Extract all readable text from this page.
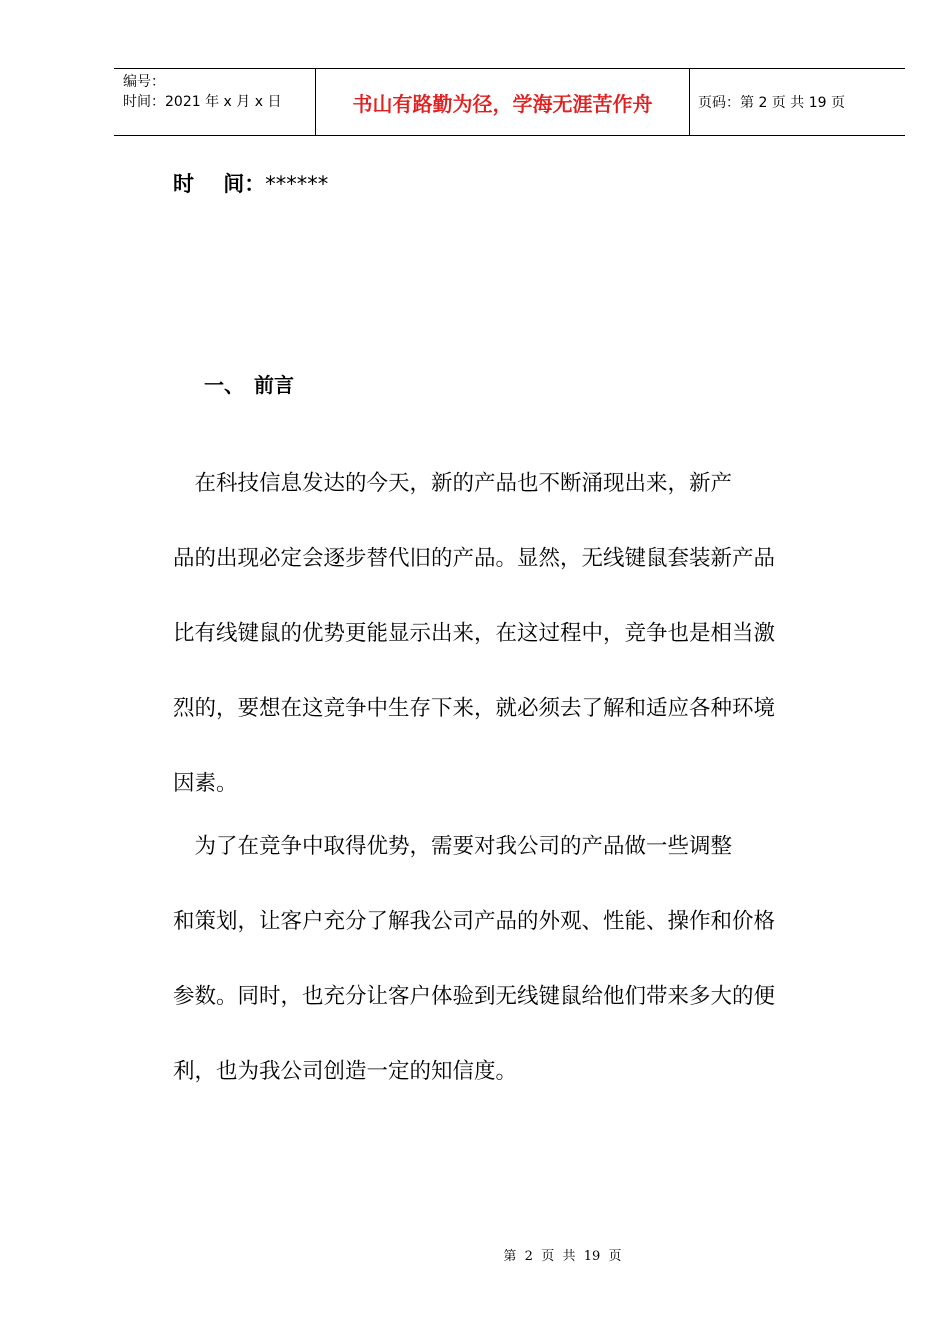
编号：
时间：2021 年 x 月 x 日	书山有路勤为径，学海无涯苦作舟	页码：第 2 页 共 19 页
时    间：******
一、 前言
　在科技信息发达的今天，新的产品也不断涌现出来，新产
品的出现必定会逐步替代旧的产品。显然，无线键鼠套装新产品
比有线键鼠的优势更能显示出来，在这过程中，竞争也是相当激
烈的，要想在这竞争中生存下来，就必须去了解和适应各种环境
因素。
　为了在竞争中取得优势，需要对我公司的产品做一些调整
和策划，让客户充分了解我公司产品的外观、性能、操作和价格
参数。同时，也充分让客户体验到无线键鼠给他们带来多大的便
利，也为我公司创造一定的知信度。
第  2  页  共  19  页
